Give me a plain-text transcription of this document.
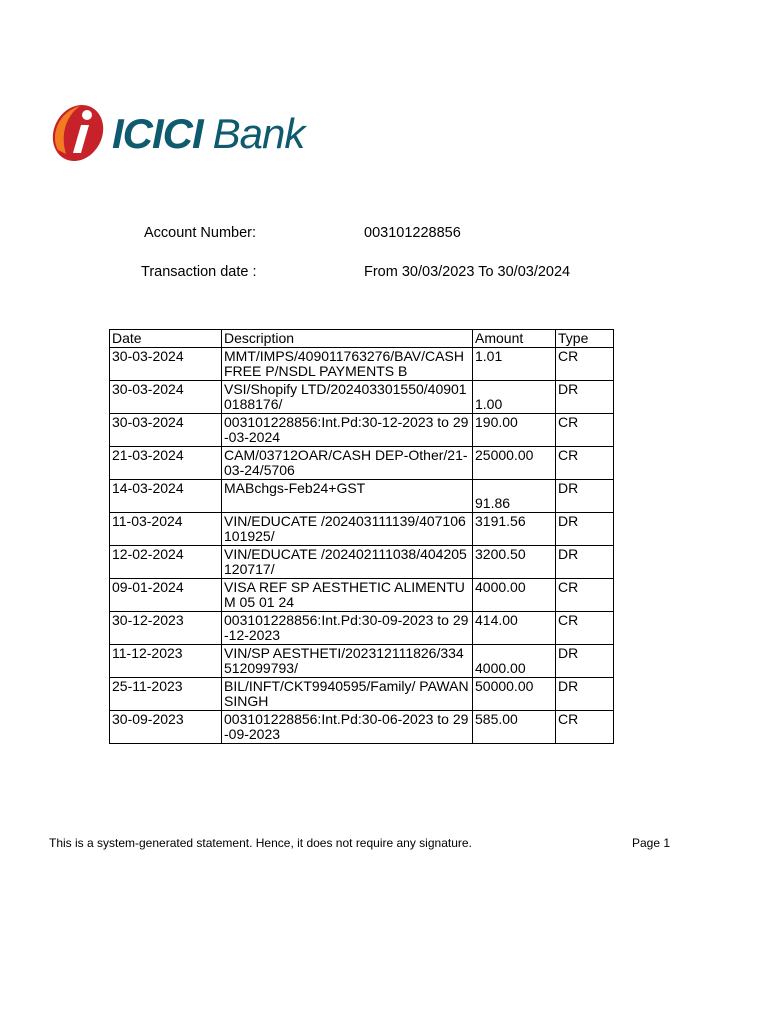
ICICI Bank
Account Number:	003101228856
Transaction date :	From 30/03/2023 To 30/03/2024
Date	Description	Amount	Type
30-03-2024	MMT/IMPS/409011763276/BAV/CASHFREE P/NSDL PAYMENTS B	1.01	CR
30-03-2024	VSI/Shopify LTD/20240330155​0/409010188176/	1.00	DR
30-03-2024	003101228856:Int.Pd:30-12-2023 to 29-03-2024	190.00	CR
21-03-2024	CAM/03712OAR/CASH DEP-Other/21-03-24/5706	25000.00	CR
14-03-2024	MABchgs-Feb24+GST	91.86	DR
11-03-2024	VIN/EDUCATE /202403111139/407106101925/	3191.56	DR
12-02-2024	VIN/EDUCATE /202402111038/404205120717/	3200.50	DR
09-01-2024	VISA REF SP AESTHETIC ALIMENTUM 05 01 24	4000.00	CR
30-12-2023	003101228856:Int.Pd:30-09-2023 to 29-12-2023	414.00	CR
11-12-2023	VIN/SP AESTHETI/202312111826/334512099793/	4000.00	DR
25-11-2023	BIL/INFT/CKT9940595/Family/ PAWAN SINGH	50000.00	DR
30-09-2023	003101228856:Int.Pd:30-06-2023 to 29-09-2023	585.00	CR
This is a system-generated statement. Hence, it does not require any signature.	Page 1
